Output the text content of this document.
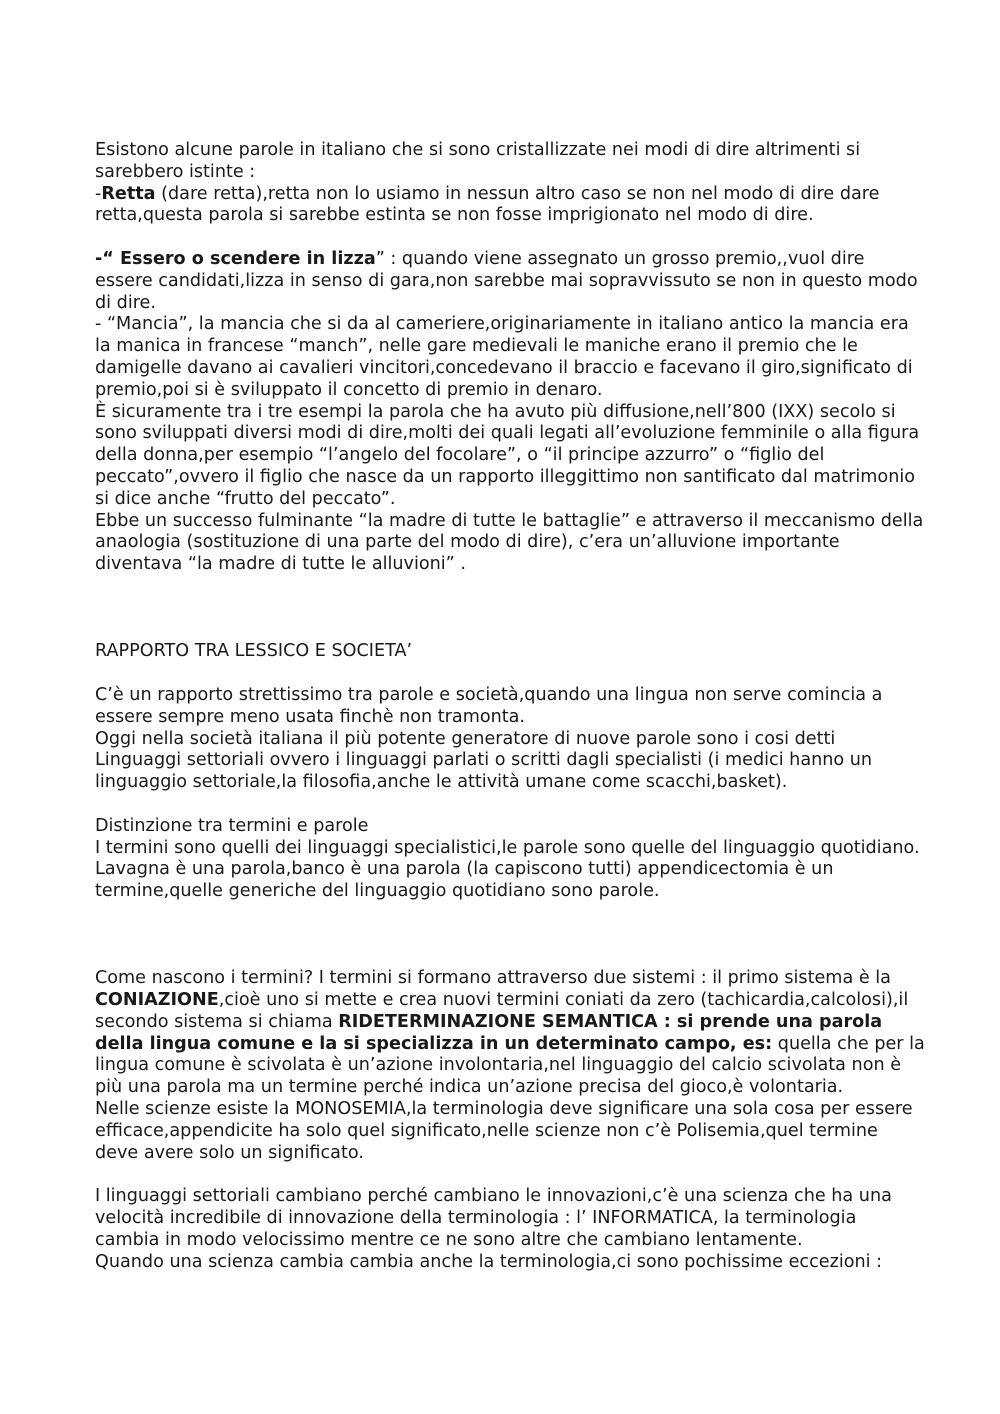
Esistono alcune parole in italiano che si sono cristallizzate nei modi di dire altrimenti si sarebbero istinte :

-Retta (dare retta),retta non lo usiamo in nessun altro caso se non nel modo di dire dare retta,questa parola si sarebbe estinta se non fosse imprigionato nel modo di dire.

-“ Essero o scendere in lizza” : quando viene assegnato un grosso premio,,vuol dire essere candidati,lizza in senso di gara,non sarebbe mai sopravvissuto se non in questo modo di dire.

- “Mancia”, la mancia che si da al cameriere,originariamente in italiano antico la mancia era la manica in francese “manch”, nelle gare medievali le maniche erano il premio che le damigelle davano ai cavalieri vincitori,concedevano il braccio e facevano il giro,significato di premio,poi si è sviluppato il concetto di premio in denaro.

È sicuramente tra i tre esempi la parola che ha avuto più diffusione,nell’800 (IXX) secolo si sono sviluppati diversi modi di dire,molti dei quali legati all’evoluzione femminile o alla figura della donna,per esempio “l’angelo del focolare”, o “il principe azzurro” o “figlio del peccato”,ovvero il figlio che nasce da un rapporto illeggittimo non santificato dal matrimonio si dice anche “frutto del peccato”.

Ebbe un successo fulminante “la madre di tutte le battaglie” e attraverso il meccanismo della anaologia (sostituzione di una parte del modo di dire), c’era un’alluvione importante diventava “la madre di tutte le alluvioni” .

RAPPORTO TRA LESSICO E SOCIETA’

C’è un rapporto strettissimo tra parole e società,quando una lingua non serve comincia a essere sempre meno usata finchè non tramonta.

Oggi nella società italiana il più potente generatore di nuove parole sono i cosi detti Linguaggi settoriali ovvero i linguaggi parlati o scritti dagli specialisti (i medici hanno un linguaggio settoriale,la filosofia,anche le attività umane come scacchi,basket).

Distinzione tra termini e parole

I termini sono quelli dei linguaggi specialistici,le parole sono quelle del linguaggio quotidiano.

Lavagna è una parola,banco è una parola (la capiscono tutti) appendicectomia è un termine,quelle generiche del linguaggio quotidiano sono parole.

Come nascono i termini? I termini si formano attraverso due sistemi : il primo sistema è la CONIAZIONE,cioè uno si mette e crea nuovi termini coniati da zero (tachicardia,calcolosi),il secondo sistema si chiama RIDETERMINAZIONE SEMANTICA : si prende una parola della lingua comune e la si specializza in un determinato campo, es: quella che per la lingua comune è scivolata è un’azione involontaria,nel linguaggio del calcio scivolata non è più una parola ma un termine perché indica un’azione precisa del gioco,è volontaria.

Nelle scienze esiste la MONOSEMIA,la terminologia deve significare una sola cosa per essere efficace,appendicite ha solo quel significato,nelle scienze non c’è Polisemia,quel termine deve avere solo un significato.

I linguaggi settoriali cambiano perché cambiano le innovazioni,c’è una scienza che ha una velocità incredibile di innovazione della terminologia : l’ INFORMATICA, la terminologia cambia in modo velocissimo mentre ce ne sono altre che cambiano lentamente.

Quando una scienza cambia cambia anche la terminologia,ci sono pochissime eccezioni :
